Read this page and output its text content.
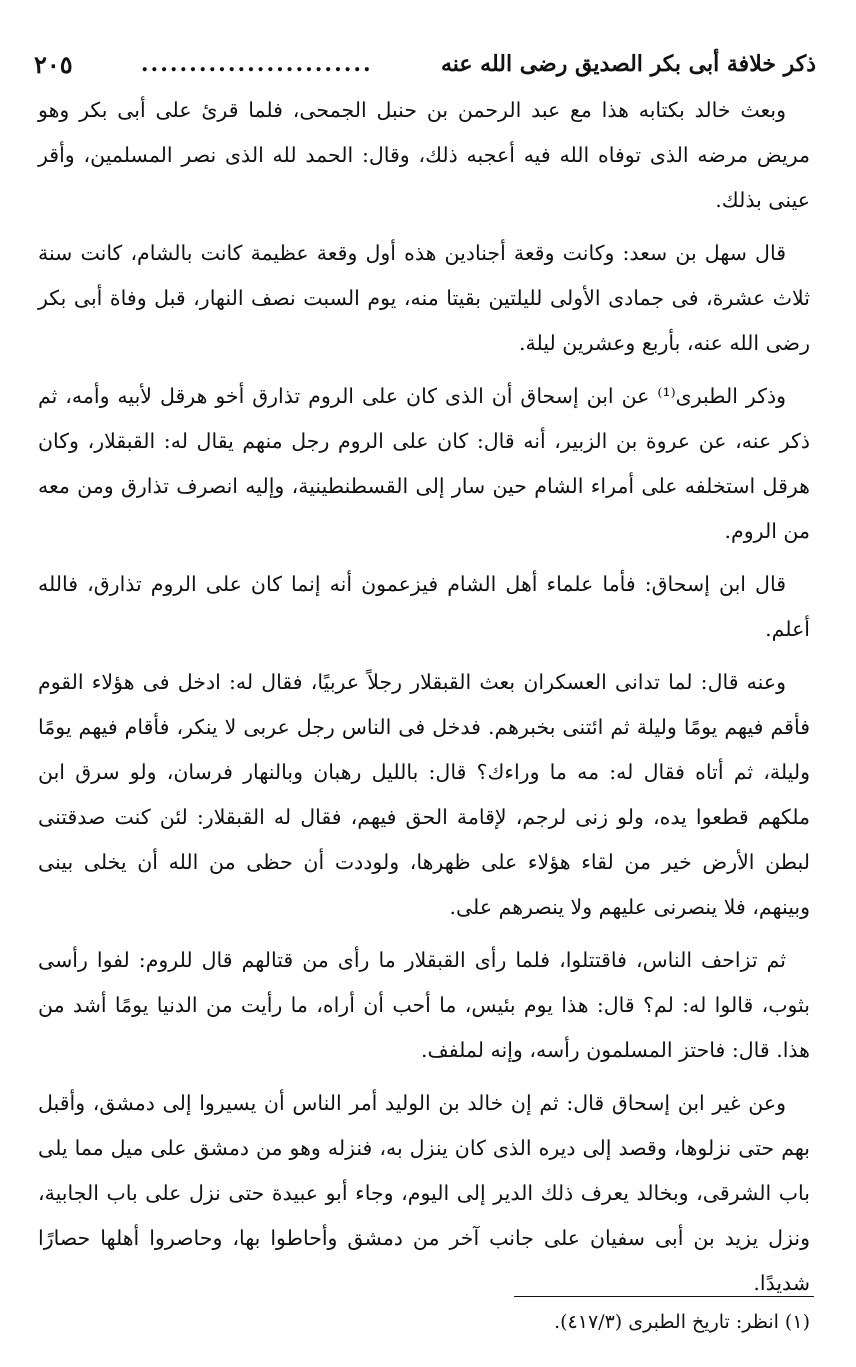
ذكر خلافة أبى بكر الصديق رضى الله عنه
........................
٢٠٥

وبعث خالد بكتابه هذا مع عبد الرحمن بن حنبل الجمحى، فلما قرئ على أبى بكر وهو مريض مرضه الذى توفاه الله فيه أعجبه ذلك، وقال: الحمد لله الذى نصر المسلمين، وأقر عينى بذلك.

قال سهل بن سعد: وكانت وقعة أجنادين هذه أول وقعة عظيمة كانت بالشام، كانت سنة ثلاث عشرة، فى جمادى الأولى لليلتين بقيتا منه، يوم السبت نصف النهار، قبل وفاة أبى بكر رضى الله عنه، بأربع وعشرين ليلة.

وذكر الطبرى⁽¹⁾ عن ابن إسحاق أن الذى كان على الروم تذارق أخو هرقل لأبيه وأمه، ثم ذكر عنه، عن عروة بن الزبير، أنه قال: كان على الروم رجل منهم يقال له: القبقلار، وكان هرقل استخلفه على أمراء الشام حين سار إلى القسطنطينية، وإليه انصرف تذارق ومن معه من الروم.

قال ابن إسحاق: فأما علماء أهل الشام فيزعمون أنه إنما كان على الروم تذارق، فالله أعلم.

وعنه قال: لما تدانى العسكران بعث القبقلار رجلاً عربيًا، فقال له: ادخل فى هؤلاء القوم فأقم فيهم يومًا وليلة ثم ائتنى بخبرهم. فدخل فى الناس رجل عربى لا ينكر، فأقام فيهم يومًا وليلة، ثم أتاه فقال له: مه ما وراءك؟ قال: بالليل رهبان وبالنهار فرسان، ولو سرق ابن ملكهم قطعوا يده، ولو زنى لرجم، لإقامة الحق فيهم، فقال له القبقلار: لئن كنت صدقتنى لبطن الأرض خير من لقاء هؤلاء على ظهرها، ولوددت أن حظى من الله أن يخلى بينى وبينهم، فلا ينصرنى عليهم ولا ينصرهم على.

ثم تزاحف الناس، فاقتتلوا، فلما رأى القبقلار ما رأى من قتالهم قال للروم: لفوا رأسى بثوب، قالوا له: لم؟ قال: هذا يوم بئيس، ما أحب أن أراه، ما رأيت من الدنيا يومًا أشد من هذا. قال: فاحتز المسلمون رأسه، وإنه لملفف.

وعن غير ابن إسحاق قال: ثم إن خالد بن الوليد أمر الناس أن يسيروا إلى دمشق، وأقبل بهم حتى نزلوها، وقصد إلى ديره الذى كان ينزل به، فنزله وهو من دمشق على ميل مما يلى باب الشرقى، وبخالد يعرف ذلك الدير إلى اليوم، وجاء أبو عبيدة حتى نزل على باب الجابية، ونزل يزيد بن أبى سفيان على جانب آخر من دمشق وأحاطوا بها، وحاصروا أهلها حصارًا شديدًا.

(١) انظر: تاريخ الطبرى (٤١٧/٣).
